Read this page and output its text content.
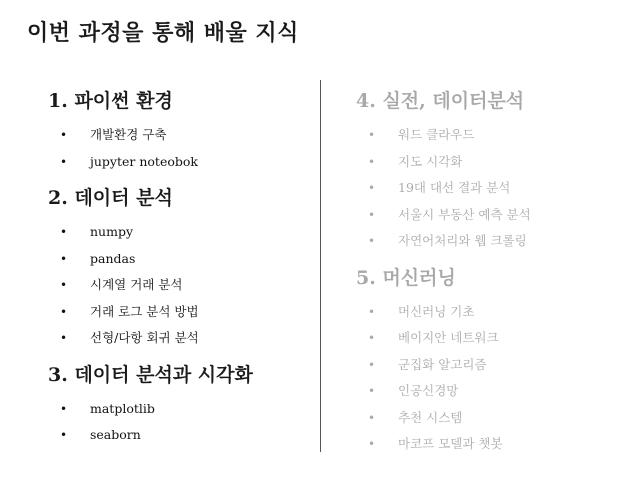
이번 과정을 통해 배울 지식
1. 파이썬 환경
• 개발환경 구축
• jupyter noteobok
2. 데이터 분석
• numpy
• pandas
• 시계열 거래 분석
• 거래 로그 분석 방법
• 선형/다항 회귀 분석
3. 데이터 분석과 시각화
• matplotlib
• seaborn
4. 실전, 데이터분석
• 워드 클라우드
• 지도 시각화
• 19대 대선 결과 분석
• 서울시 부동산 예측 분석
• 자연어처리와 웹 크롤링
5. 머신러닝
• 머신러닝 기초
• 베이지안 네트워크
• 군집화 알고리즘
• 인공신경망
• 추천 시스템
• 마코프 모델과 챗봇
